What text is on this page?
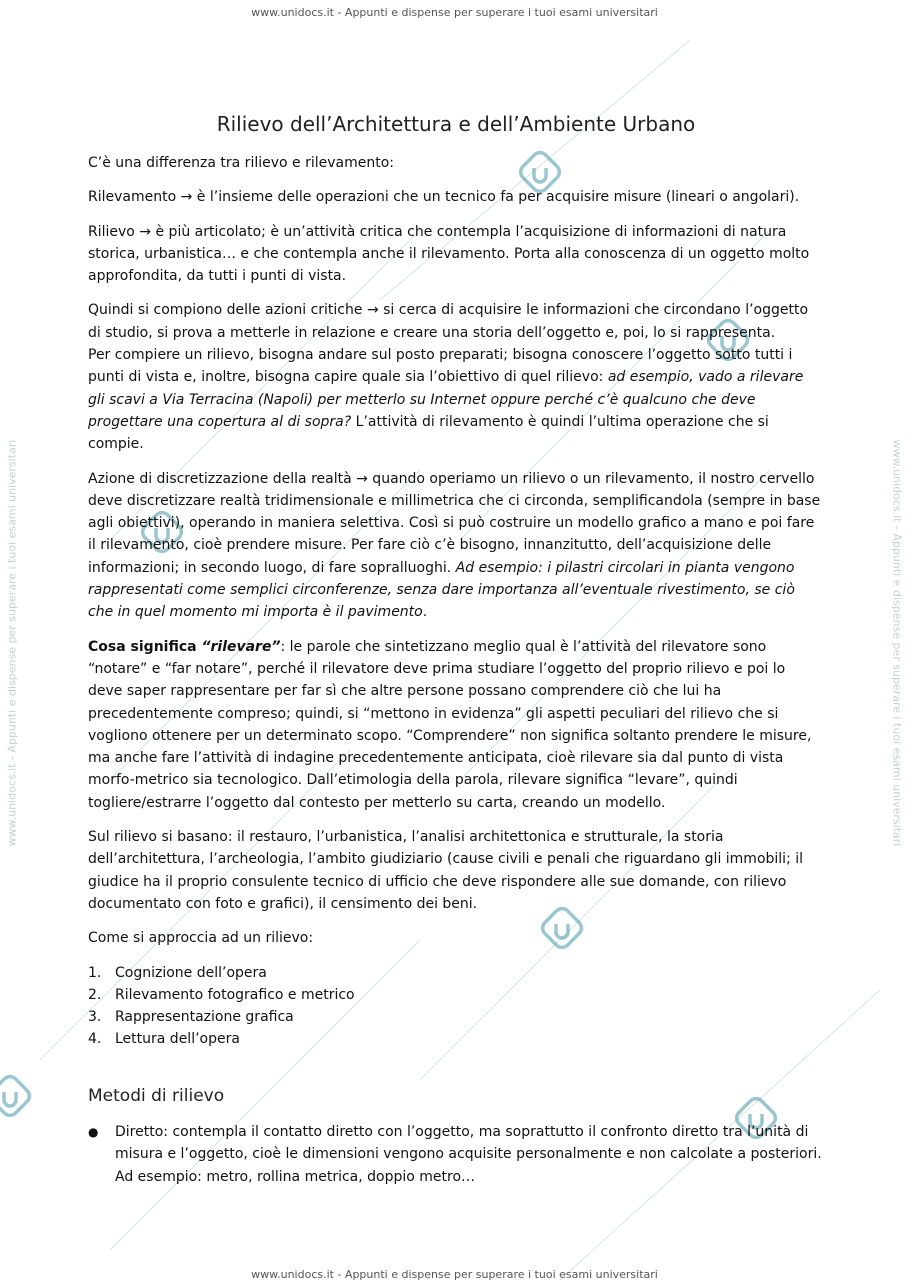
www.unidocs.it - Appunti e dispense per superare i tuoi esami universitari
www.unidocs.it - Appunti e dispense per superare i tuoi esami universitari
www.unidocs.it - Appunti e dispense per superare i tuoi esami universitari	www.unidocs.it - Appunti e dispense per superare i tuoi esami universitari
Rilievo dell’Architettura e dell’Ambiente Urbano

C’è una differenza tra rilievo e rilevamento:

Rilevamento → è l’insieme delle operazioni che un tecnico fa per acquisire misure (lineari o angolari).

Rilievo → è più articolato; è un’attività critica che contempla l’acquisizione di informazioni di natura storica, urbanistica… e che contempla anche il rilevamento. Porta alla conoscenza di un oggetto molto approfondita, da tutti i punti di vista.

Quindi si compiono delle azioni critiche → si cerca di acquisire le informazioni che circondano l’oggetto di studio, si prova a metterle in relazione e creare una storia dell’oggetto e, poi, lo si rappresenta.
Per compiere un rilievo, bisogna andare sul posto preparati; bisogna conoscere l’oggetto sotto tutti i punti di vista e, inoltre, bisogna capire quale sia l’obiettivo di quel rilievo: ad esempio, vado a rilevare gli scavi a Via Terracina (Napoli) per metterlo su Internet oppure perché c’è qualcuno che deve progettare una copertura al di sopra? L’attività di rilevamento è quindi l’ultima operazione che si compie.

Azione di discretizzazione della realtà → quando operiamo un rilievo o un rilevamento, il nostro cervello deve discretizzare realtà tridimensionale e millimetrica che ci circonda, semplificandola (sempre in base agli obiettivi), operando in maniera selettiva. Così si può costruire un modello grafico a mano e poi fare il rilevamento, cioè prendere misure. Per fare ciò c’è bisogno, innanzitutto, dell’acquisizione delle informazioni; in secondo luogo, di fare sopralluoghi. Ad esempio: i pilastri circolari in pianta vengono rappresentati come semplici circonferenze, senza dare importanza all’eventuale rivestimento, se ciò che in quel momento mi importa è il pavimento.

Cosa significa “rilevare”: le parole che sintetizzano meglio qual è l’attività del rilevatore sono “notare” e “far notare”, perché il rilevatore deve prima studiare l’oggetto del proprio rilievo e poi lo deve saper rappresentare per far sì che altre persone possano comprendere ciò che lui ha precedentemente compreso; quindi, si “mettono in evidenza” gli aspetti peculiari del rilievo che si vogliono ottenere per un determinato scopo. “Comprendere” non significa soltanto prendere le misure, ma anche fare l’attività di indagine precedentemente anticipata, cioè rilevare sia dal punto di vista morfo-metrico sia tecnologico. Dall’etimologia della parola, rilevare significa “levare”, quindi togliere/estrarre l’oggetto dal contesto per metterlo su carta, creando un modello.

Sul rilievo si basano: il restauro, l’urbanistica, l’analisi architettonica e strutturale, la storia dell’architettura, l’archeologia, l’ambito giudiziario (cause civili e penali che riguardano gli immobili; il giudice ha il proprio consulente tecnico di ufficio che deve rispondere alle sue domande, con rilievo documentato con foto e grafici), il censimento dei beni.

Come si approccia ad un rilievo:

1. Cognizione dell’opera
2. Rilevamento fotografico e metrico
3. Rappresentazione grafica
4. Lettura dell’opera
Metodi di rilievo
●	Diretto: contempla il contatto diretto con l’oggetto, ma soprattutto il confronto diretto tra l’unità di misura e l’oggetto, cioè le dimensioni vengono acquisite personalmente e non calcolate a posteriori. Ad esempio: metro, rollina metrica, doppio metro…
